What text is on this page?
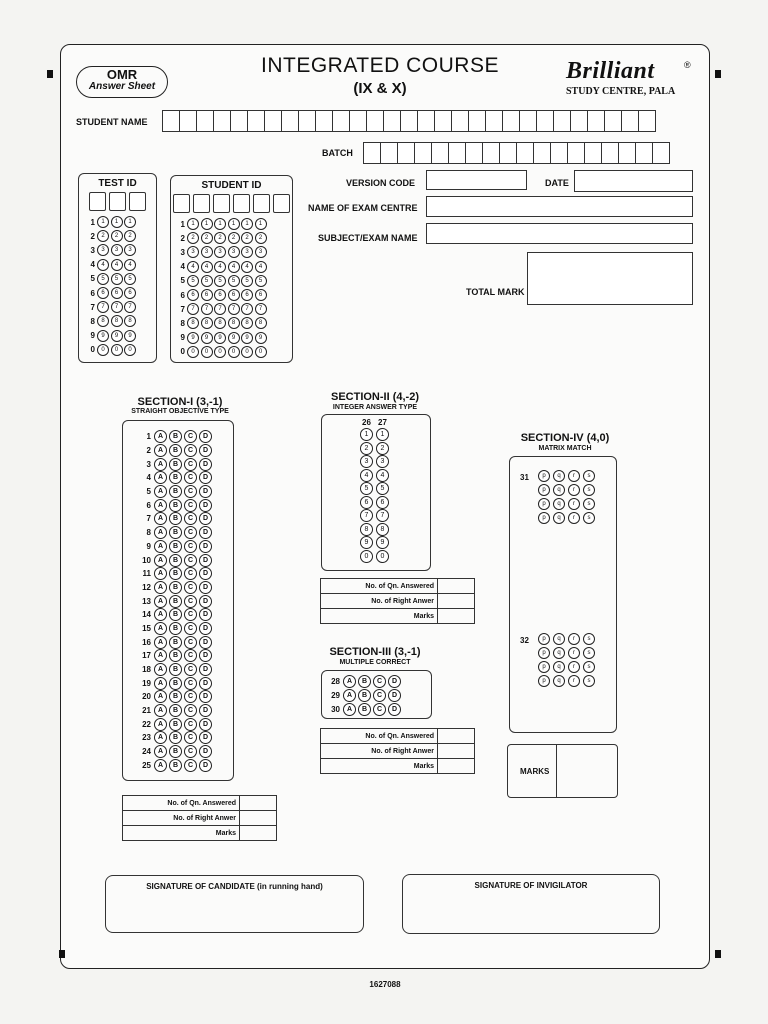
OMR
Answer Sheet
INTEGRATED COURSE
(IX & X)
Brilliant	®
STUDY CENTRE, PALA
STUDENT NAME
BATCH
VERSION CODE	DATE
NAME OF EXAM CENTRE
SUBJECT/EXAM NAME
TOTAL MARK
TEST ID
1	1	1	1
2	2	2	2
3	3	3	3
4	4	4	4
5	5	5	5
6	6	6	6
7	7	7	7
8	8	8	8
9	9	9	9
0	0	0	0
STUDENT ID
1	1	1	1	1	1	1
2	2	2	2	2	2	2
3	3	3	3	3	3	3
4	4	4	4	4	4	4
5	5	5	5	5	5	5
6	6	6	6	6	6	6
7	7	7	7	7	7	7
8	8	8	8	8	8	8
9	9	9	9	9	9	9
0	0	0	0	0	0	0
SECTION-I (3,-1)
STRAIGHT OBJECTIVE TYPE
1 A	B	C	D
2 A	B	C	D
3 A	B	C	D
4 A	B	C	D
5 A	B	C	D
6 A	B	C	D
7 A	B	C	D
8 A	B	C	D
9 A	B	C	D
10 A	B	C	D
11 A	B	C	D
12 A	B	C	D
13 A	B	C	D
14 A	B	C	D
15 A	B	C	D
16 A	B	C	D
17 A	B	C	D
18 A	B	C	D
19 A	B	C	D
20 A	B	C	D
21 A	B	C	D
22 A	B	C	D
23 A	B	C	D
24 A	B	C	D
25 A	B	C	D
No. of Qn. Answered	
No. of Right Anwer	
Marks	
SECTION-II (4,-2)
INTEGER ANSWER TYPE
26 27
1	1
2	2
3	3
4	4
5	5
6	6
7	7
8	8
9	9
0	0
No. of Qn. Answered	
No. of Right Anwer	
Marks	
SECTION-III (3,-1)
MULTIPLE CORRECT
28 A	B	C	D
29 A	B	C	D
30 A	B	C	D
No. of Qn. Answered	
No. of Right Anwer	
Marks	
SECTION-IV (4,0)
MATRIX MATCH
31	p	q	r	s
p	q	r	s
p	q	r	s
p	q	r	s
32	p	q	r	s
p	q	r	s
p	q	r	s
p	q	r	s
MARKS
SIGNATURE OF CANDIDATE (in running hand)	SIGNATURE OF INVIGILATOR
1627088
